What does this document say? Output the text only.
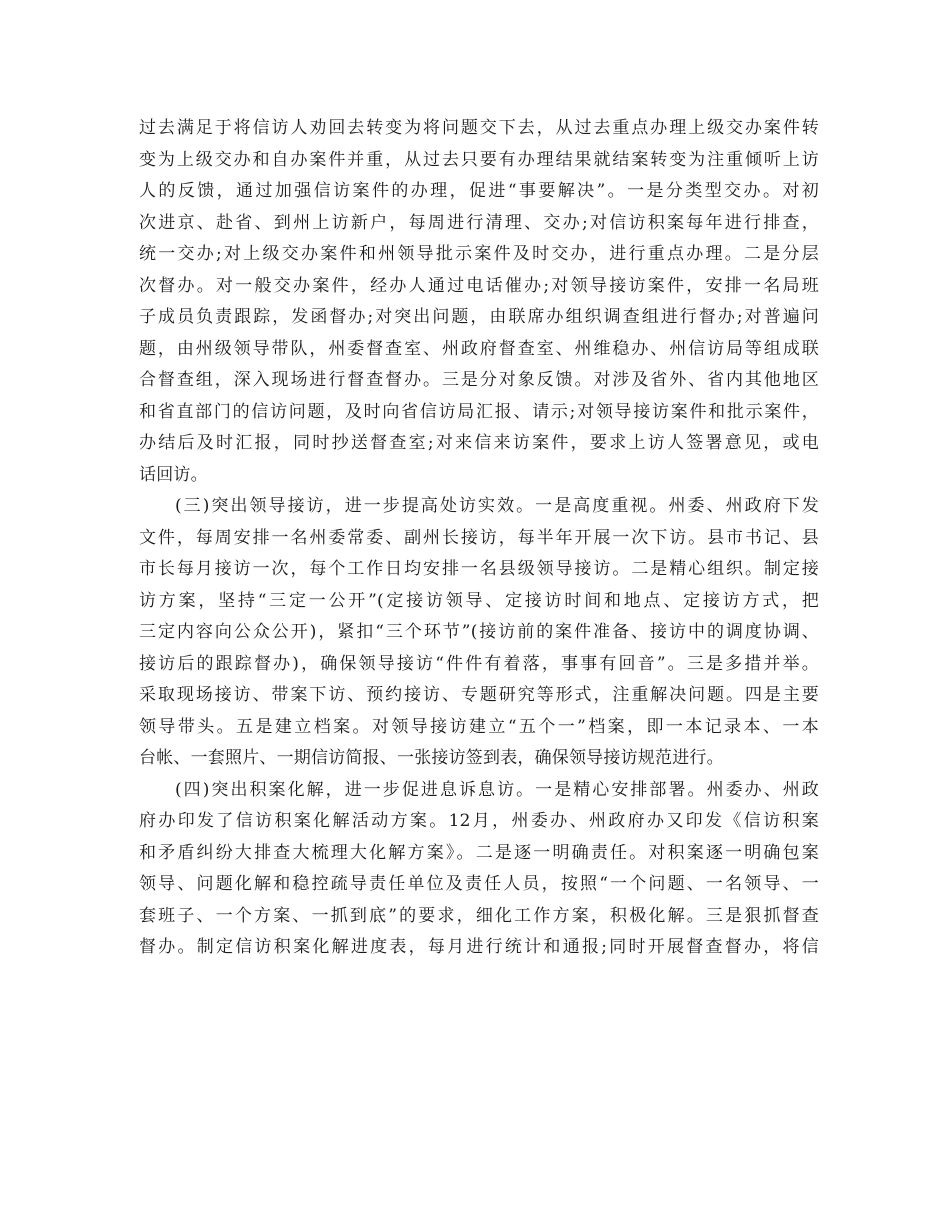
过去满足于将信访人劝回去转变为将问题交下去，从过去重点办理上级交办案件转
变为上级交办和自办案件并重，从过去只要有办理结果就结案转变为注重倾听上访
人的反馈，通过加强信访案件的办理，促进“事要解决”。一是分类型交办。对初
次进京、赴省、到州上访新户，每周进行清理、交办;对信访积案每年进行排查，
统一交办;对上级交办案件和州领导批示案件及时交办，进行重点办理。二是分层
次督办。对一般交办案件，经办人通过电话催办;对领导接访案件，安排一名局班
子成员负责跟踪，发函督办;对突出问题，由联席办组织调查组进行督办;对普遍问
题，由州级领导带队，州委督查室、州政府督查室、州维稳办、州信访局等组成联
合督查组，深入现场进行督查督办。三是分对象反馈。对涉及省外、省内其他地区
和省直部门的信访问题，及时向省信访局汇报、请示;对领导接访案件和批示案件，
办结后及时汇报，同时抄送督查室;对来信来访案件，要求上访人签署意见，或电
话回访。
(三)突出领导接访，进一步提高处访实效。一是高度重视。州委、州政府下发
文件，每周安排一名州委常委、副州长接访，每半年开展一次下访。县市书记、县
市长每月接访一次，每个工作日均安排一名县级领导接访。二是精心组织。制定接
访方案，坚持“三定一公开”(定接访领导、定接访时间和地点、定接访方式，把
三定内容向公众公开)，紧扣“三个环节”(接访前的案件准备、接访中的调度协调、
接访后的跟踪督办)，确保领导接访“件件有着落，事事有回音”。三是多措并举。
采取现场接访、带案下访、预约接访、专题研究等形式，注重解决问题。四是主要
领导带头。五是建立档案。对领导接访建立“五个一”档案，即一本记录本、一本
台帐、一套照片、一期信访简报、一张接访签到表，确保领导接访规范进行。
(四)突出积案化解，进一步促进息诉息访。一是精心安排部署。州委办、州政
府办印发了信访积案化解活动方案。12月，州委办、州政府办又印发《信访积案
和矛盾纠纷大排查大梳理大化解方案》。二是逐一明确责任。对积案逐一明确包案
领导、问题化解和稳控疏导责任单位及责任人员，按照“一个问题、一名领导、一
套班子、一个方案、一抓到底”的要求，细化工作方案，积极化解。三是狠抓督查
督办。制定信访积案化解进度表，每月进行统计和通报;同时开展督查督办，将信
